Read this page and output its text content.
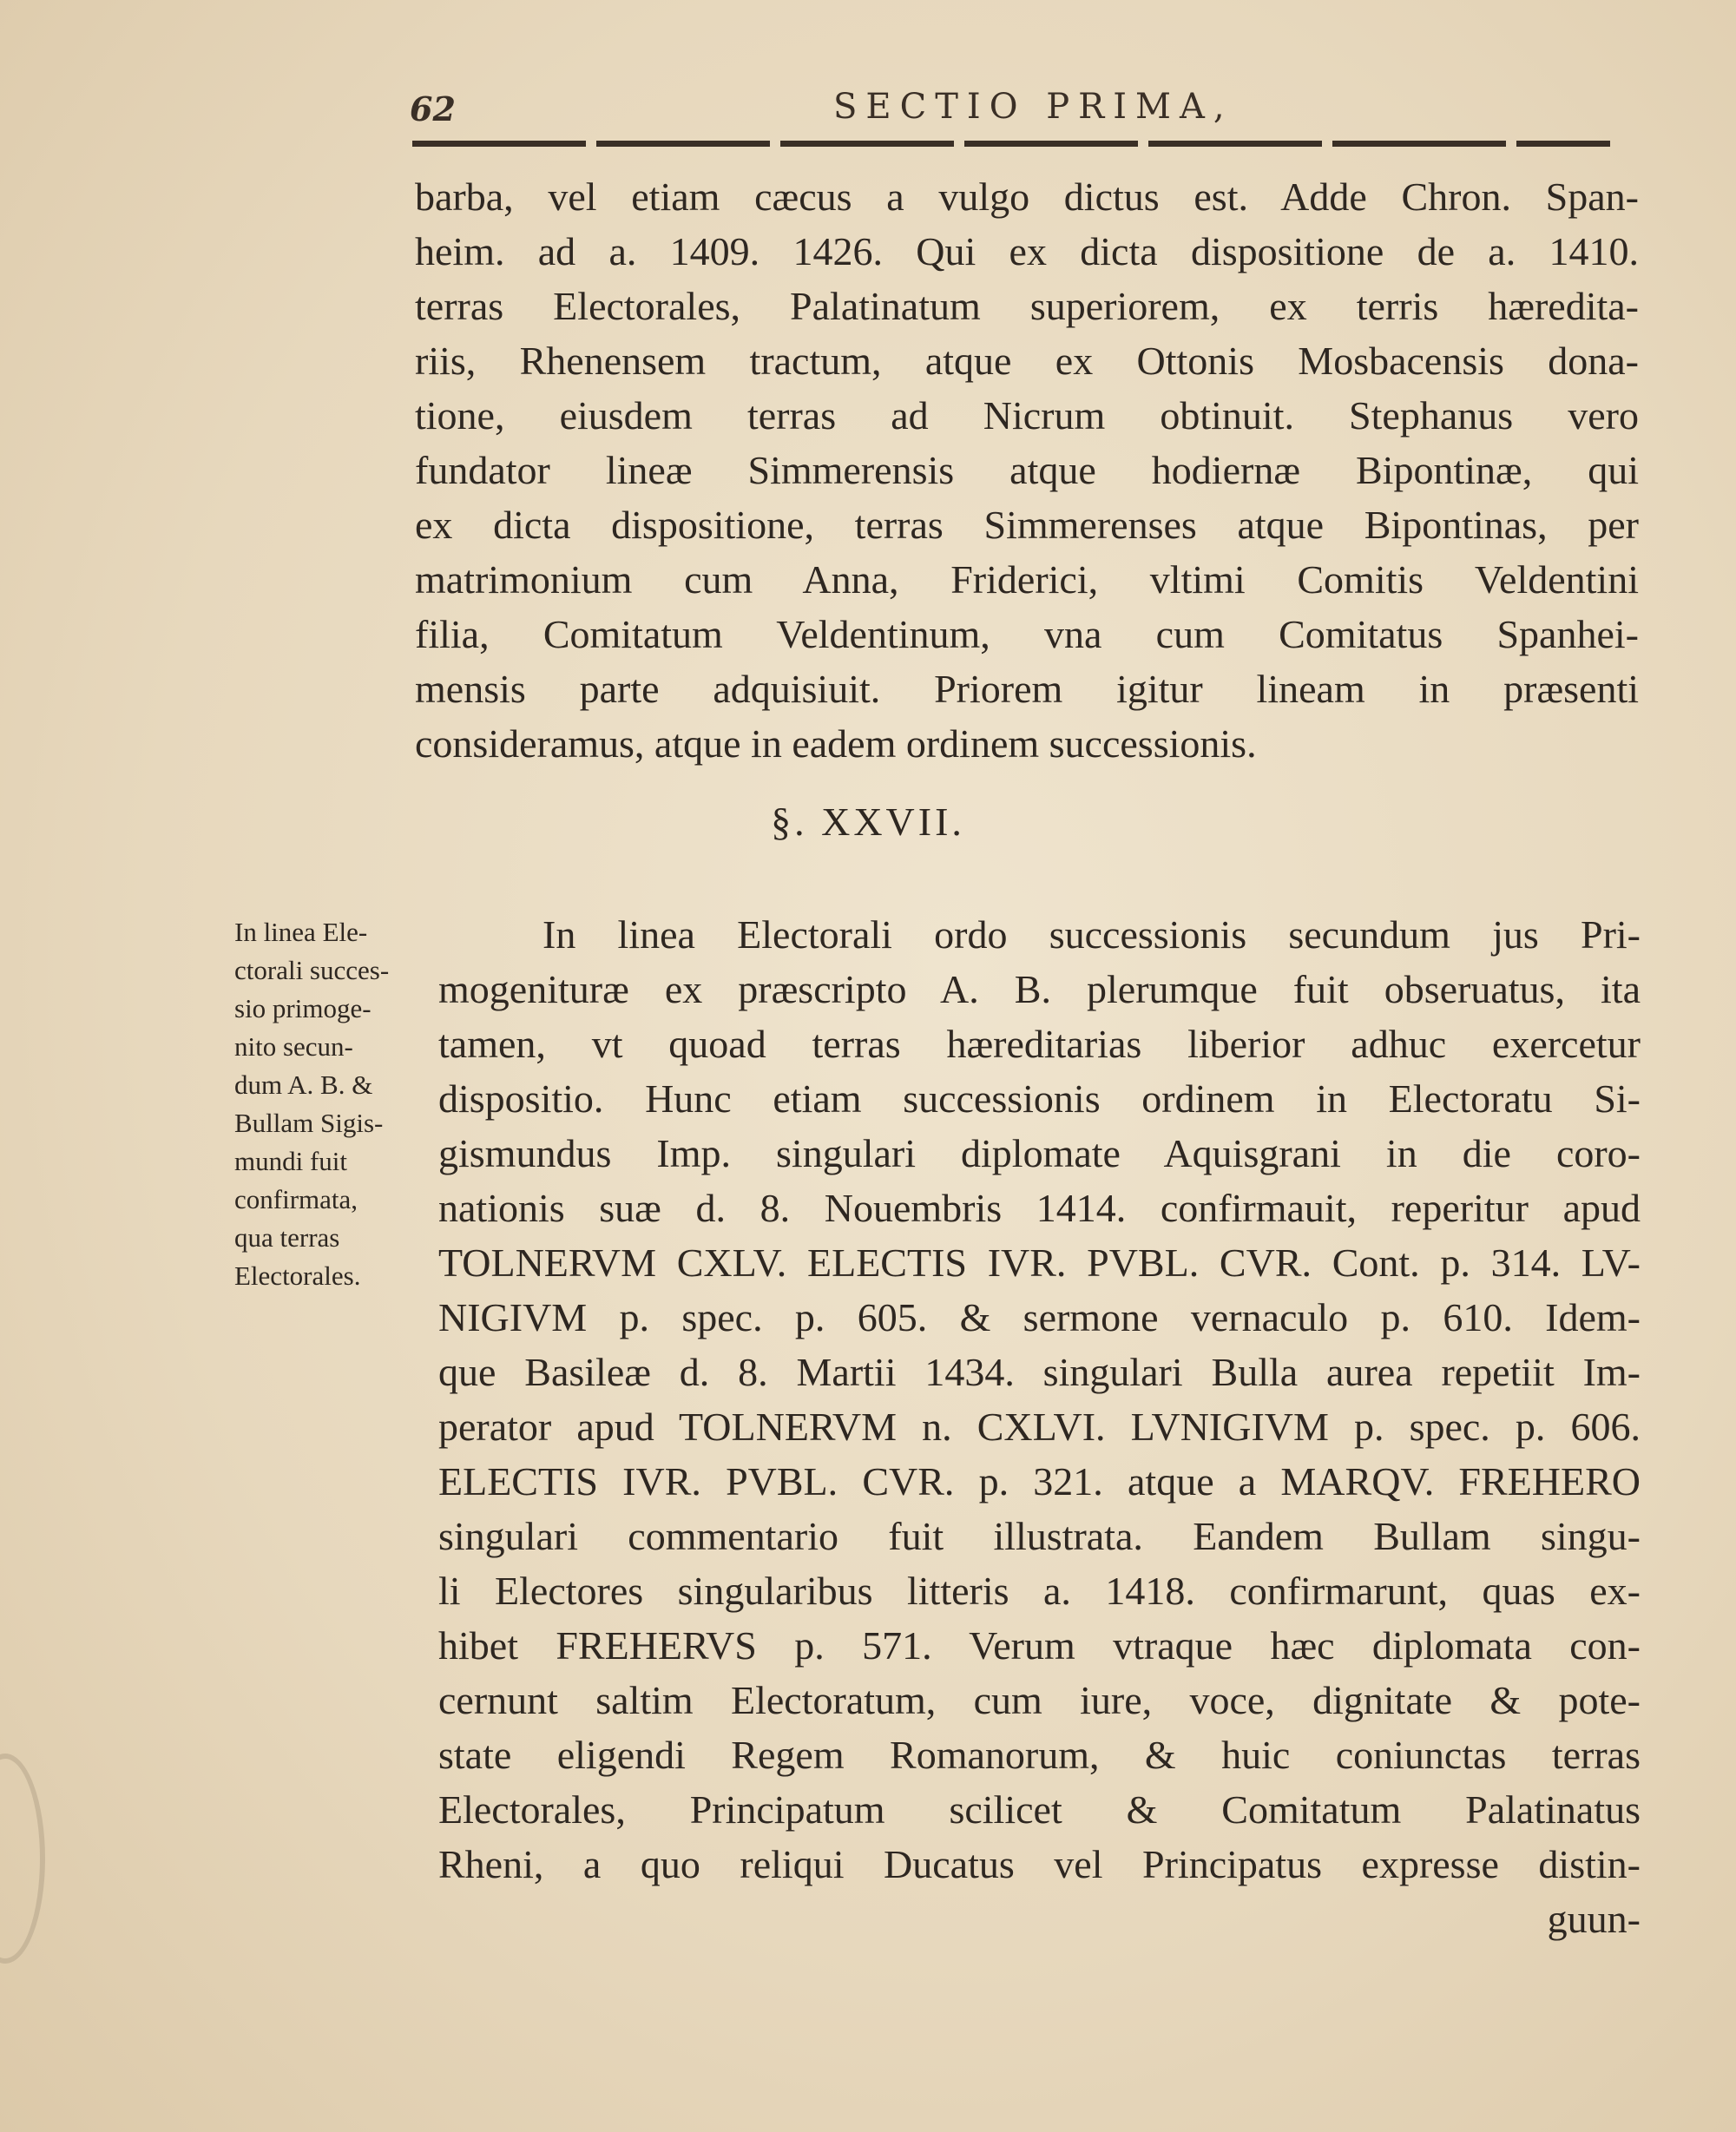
62	SECTIO PRIMA,
barba, vel etiam cæcus a vulgo dictus est. Adde Chron. Span-
heim. ad a. 1409. 1426. Qui ex dicta dispositione de a. 1410.
terras Electorales, Palatinatum superiorem, ex terris hæredita-
riis, Rhenensem tractum, atque ex Ottonis Mosbacensis dona-
tione, eiusdem terras ad Nicrum obtinuit. Stephanus vero
fundator lineæ Simmerensis atque hodiernæ Bipontinæ, qui
ex dicta dispositione, terras Simmerenses atque Bipontinas, per
matrimonium cum Anna, Friderici, vltimi Comitis Veldentini
filia, Comitatum Veldentinum, vna cum Comitatus Spanhei-
mensis parte adquisiuit. Priorem igitur lineam in præsenti
consideramus, atque in eadem ordinem successionis.
§. XXVII.
In linea Ele-
ctorali succes-
sio primoge-
nito secun-
dum A. B. &
Bullam Sigis-
mundi fuit
confirmata,
qua terras
Electorales.
In linea Electorali ordo successionis secundum jus Pri-
mogenituræ ex præscripto A. B. plerumque fuit obseruatus, ita
tamen, vt quoad terras hæreditarias liberior adhuc exercetur
dispositio. Hunc etiam successionis ordinem in Electoratu Si-
gismundus Imp. singulari diplomate Aquisgrani in die coro-
nationis suæ d. 8. Nouembris 1414. confirmauit, reperitur apud
TOLNERVM CXLV. ELECTIS IVR. PVBL. CVR. Cont. p. 314. LV-
NIGIVM p. spec. p. 605. & sermone vernaculo p. 610. Idem-
que Basileæ d. 8. Martii 1434. singulari Bulla aurea repetiit Im-
perator apud TOLNERVM n. CXLVI. LVNIGIVM p. spec. p. 606.
ELECTIS IVR. PVBL. CVR. p. 321. atque a MARQV. FREHERO
singulari commentario fuit illustrata. Eandem Bullam singu-
li Electores singularibus litteris a. 1418. confirmarunt, quas ex-
hibet FREHERVS p. 571. Verum vtraque hæc diplomata con-
cernunt saltim Electoratum, cum iure, voce, dignitate & pote-
state eligendi Regem Romanorum, & huic coniunctas terras
Electorales, Principatum scilicet & Comitatum Palatinatus
Rheni, a quo reliqui Ducatus vel Principatus expresse distin-
guun-
